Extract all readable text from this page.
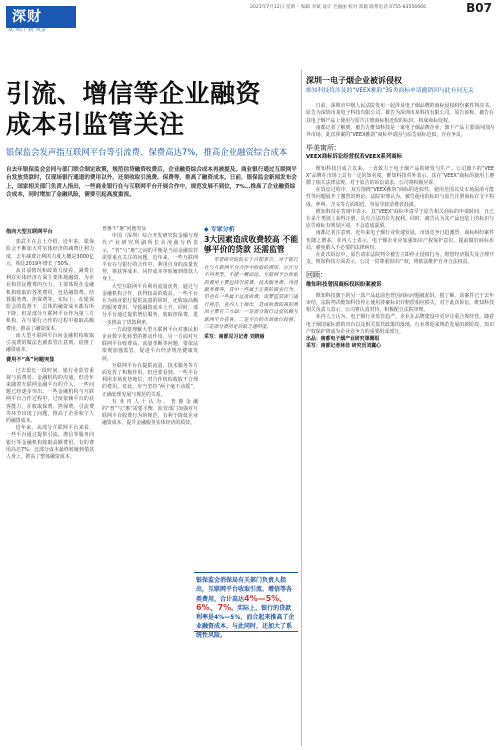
深财
从“风口”到“风景”
2021年7月12日 星期一 编辑 李斌 设计 毛丽丽 校对 郑颖 联系电话 0755-83556666	B07
引流、增信等企业融资
成本引监管关注
银保监会发声指互联网平台等引流费、保费高达7%，推高企业融资综合成本
自去年银保监会会同与部门联合制定政策，规范信贷融资收费后，企业融资综合成本再被提及。商业银行通过互联网平台发放贷款时，仅现场银行通道的费用以外，还须收取引流费、保费等，推高了融资成本。日前，银保监会新闻发布会上，国家相关部门负责人指出，一些商业银行在与互联网平台开展合作中，规范发展不到位，7%…推高了企业融资综合成本，同时增加了金融风险，需要引起高度重视。
指向大型互联网平台

郭武平在会上介绍，近年来，银保监会不断加大对实体经济的减费让利力度，去年减费让利的力度大概是3000亿元，相比2019年增长了50%。

从目前情况和政策力度看，减费让利在实体经济方面主要体现融资、为企业和居民缴费的压力。主要体现在金融机构收取的各类费用，包括融资费、结算服务费、担保费等。实际上，在银保监会的监督下，总体的融资成本都有所下降，但是部分互联网平台作为第三方机构，在与银行合作的过程中收取高额费用，推高了融资成本。

而大型互联网平台向金融机构收取引流费的做法也被监管注意到，给推了融资成本。

费用不“高”问题突显

过去很长一段时间，银行业监管重视与消费者、金融机构的沟通。但近年来随着互联网金融平台的介入，一些问题已经逐步突出。一些金融机构与互联网平台合作过程中，过度依赖平台的获客能力，在收取保费、担保费、引流费等环节出现了问题，推高了企业和个人的融资成本。

近年来，从部分互联网平台来看，一些平台通过提供引流、增信等服务向银行等金融机构收取高额费用，有的费用高达7%，这部分成本最终转嫁到借款人身上，推高了整体融资成本。

普惠不“惠”问题突显

中国（深圳）综合开发研究院金融与现代产业研究所副所长余凌曲分析表示，“普”与“惠”之间的平衡是当前金融监管需要重点关注的问题。近年来，一些互联网平台在与银行的合作中，利用自身的流量优势，将获客成本、风控成本等转嫁到借款人身上。

大型互联网平台利用流量优势，通过与金融机构合作，获得较高的收益。一些平台在为商业银行提供流量的同时，还收取高额的服务费用，导致融资成本上升。同时，部分平台通过提供增信服务，收取担保费，进一步推高了贷款利率。

一方面要理解大型互联网平台对惠民和企业数字化转型的推动作用，另一方面对互联网平台收费高、流量垄断等问题，要依法依规加强监管，促进平台经济规范健康发展。

互联网平台在提供流量、技术服务等方面发挥了积极作用，但也要看到，一些平台利用市场优势地位，对合作机构收取不合理的费用。对此，应当坚持“两个毫不动摇”，正确处理发展与规范的关系。

有业内人士认为，普惠金融的“普”与“惠”需要平衡，监管部门加强对互联网平台收费行为的规范，有利于降低企业融资成本，提升金融服务实体经济的质效。

◆ 专家分析
3大因素造成收费较高 不能够平价的贷款 还需监管
零壹研究院院长于百程表示，对于银行在与互联网平台合作中收取的费用，应区分不同类型，不能一概而论。互联网平台收取的费用主要包括引流费、技术服务费、风控服务费等，其中一些属于正常的商业行为，但也有一些属于过度收费，需要监管部门进行规范。业内人士指出，造成收费较高的原因主要有三方面：一是部分银行过度依赖互联网平台获客；二是平台的市场地位较强；三是部分费用定价缺乏透明度。
采写：南都见习记者 刘晓丽
银保监会消保局有关部门负责人指出，互联网平台收取引流、增信等各类费用，合计高达4%—5%、6%、7%。实际上，银行的贷款利率是4%—5%，而合起来推高了企业融资成本，与此同时，还加大了系统性风险。
深圳一电子烟企业被诉侵权
维知科技将涉及的“VEEX雅韵”35类商标申请撤销因与此有同无关

日前，深圳市中级人民法院发布一起涉及电子烟品牌的商标侵权纠纷案件判决书，原告为深圳市某电子科技有限公司，被告为深圳市某科技有限公司。原告诉称，被告在其电子烟产品上使用与原告注册商标相近似的标识，构成商标侵权。

南都记者了解到，被告方维知科技是一家电子烟品牌企业，旗下产品主要面向国内外市场。此次涉案的“VEEX雅韵”商标申请因与原告商标近似，存在争议。

毕美寓所：
VEEX商标诉讼经营权若VEEX系列商标

维知科技自成立以来，一直致力于电子烟产品的研发与生产。公司旗下的“VEEX”品牌在市场上具有一定的知名度。维知科技对外表示，其在“VEEX”商标的使用上遵循了相关法律法规，对于原告的诉讼请求，公司将积极应诉。

在诉讼过程中，双方围绕“VEEX雅韵”商标的近似性、使用范围以及市场混淆可能性等问题展开了激烈的辩论。法院审理认为，被告使用的标识与原告注册商标在文字构成、呼叫、含义等方面相近，容易导致消费者混淆。

维知科技在答辩中表示，其“VEEX”商标申请早于原告相关商标的申请时间，且已在多个类别上获得注册，具有合法的在先权利。同时，被告认为其产品包装上的标识与原告商标有明显区别，不会造成混淆。

南都记者注意到，近年来电子烟行业快速发展，市场竞争日趋激烈，商标纠纷案件也随之增多。业内人士表示，电子烟企业应加强知识产权保护意识，提前做好商标布局，避免陷入不必要的法律纠纷。

在此次诉讼中，原告请求法院判令被告立即停止侵权行为，赔偿经济损失及合理开支。维知科技方面表示，公司一贯尊重知识产权，将依法维护自身合法权益。

回顾：
维知科技曾因商标权纠纷案被诉

维知科技旗下的另一款产品此前也曾因商标问题被起诉。据了解，该案件已于去年审结，法院判决维知科技停止使用涉案标识并赔偿相应损失。对于此次诉讼，维知科技相关负责人表示，公司将认真对待，积极配合法院审理。

业内人士认为，电子烟行业监管趋严，企业在品牌建设中更应注重合规经营。随着电子烟国家标准的出台以及相关监管政策的落地，行业将迎来规范发展的新阶段，知识产权保护将成为企业竞争力的重要组成部分。

出品：南都电子烟产业研究课题组
采写：南都记者林佳 研究员刘露心
